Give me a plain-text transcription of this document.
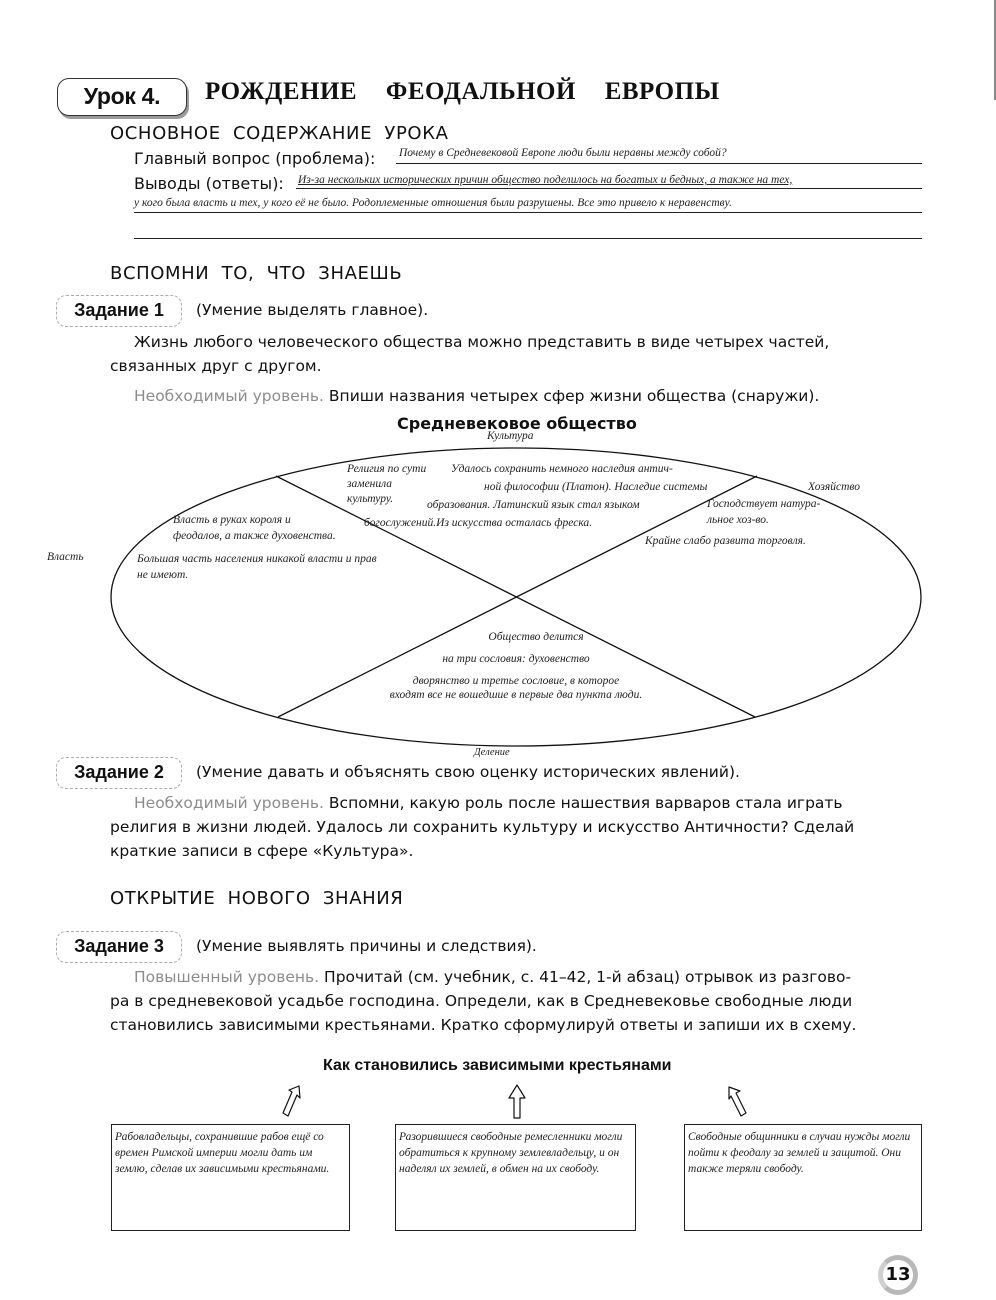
Урок 4.	РОЖДЕНИЕ ФЕОДАЛЬНОЙ ЕВРОПЫ
ОСНОВНОЕ СОДЕРЖАНИЕ УРОКА
Главный вопрос (проблема): Почему в Средневековой Европе люди были неравны между собой?
Выводы (ответы): Из-за нескольких исторических причин общество поделилось на богатых и бедных, а также на тех,
у кого была власть и тех, у кого её не было. Родоплеменные отношения были разрушены. Все это привело к неравенству.
ВСПОМНИ ТО, ЧТО ЗНАЕШЬ
Задание 1	(Умение выделять главное).
Жизнь любого человеческого общества можно представить в виде четырех частей,
связанных друг с другом.
Необходимый уровень. Впиши названия четырех сфер жизни общества (снаружи).
Средневековое общество
Культура
Хозяйство
Власть
Деление
Религия по сути
заменила
культуру.
Удалось сохранить немного наследия антич-
ной философии (Платон). Наследие системы
образования. Латинский язык стал языком
богослужений.Из искусства осталась фреска.
Господствует натура-
льное хоз-во.
Крайне слабо развита торговля.
Власть в руках короля и
феодалов, а также духовенства.
Большая часть населения никакой власти и прав
не имеют.
Общество делится
на три сословия: духовенство
дворянство и третье сословие, в которое
входят все не вошедшие в первые два пункта люди.
Задание 2	(Умение давать и объяснять свою оценку исторических явлений).
Необходимый уровень. Вспомни, какую роль после нашествия варваров стала играть
религия в жизни людей. Удалось ли сохранить культуру и искусство Античности? Сделай
краткие записи в сфере «Культура».
ОТКРЫТИЕ НОВОГО ЗНАНИЯ
Задание 3	(Умение выявлять причины и следствия).
Повышенный уровень. Прочитай (см. учебник, с. 41–42, 1-й абзац) отрывок из разгово-
ра в средневековой усадьбе господина. Определи, как в Средневековье свободные люди
становились зависимыми крестьянами. Кратко сформулируй ответы и запиши их в схему.
Как становились зависимыми крестьянами
Рабовладельцы, сохранившие рабов ещё со времен Римской империи могли дать им землю, сделав их зависимыми крестьянами.
Разорившиеся свободные ремесленники могли обратиться к крупному землевладельцу, и он наделял их землей, в обмен на их свободу.
Свободные общинники в случаи нужды могли пойти к феодалу за землей и защитой. Они также теряли свободу.
13
